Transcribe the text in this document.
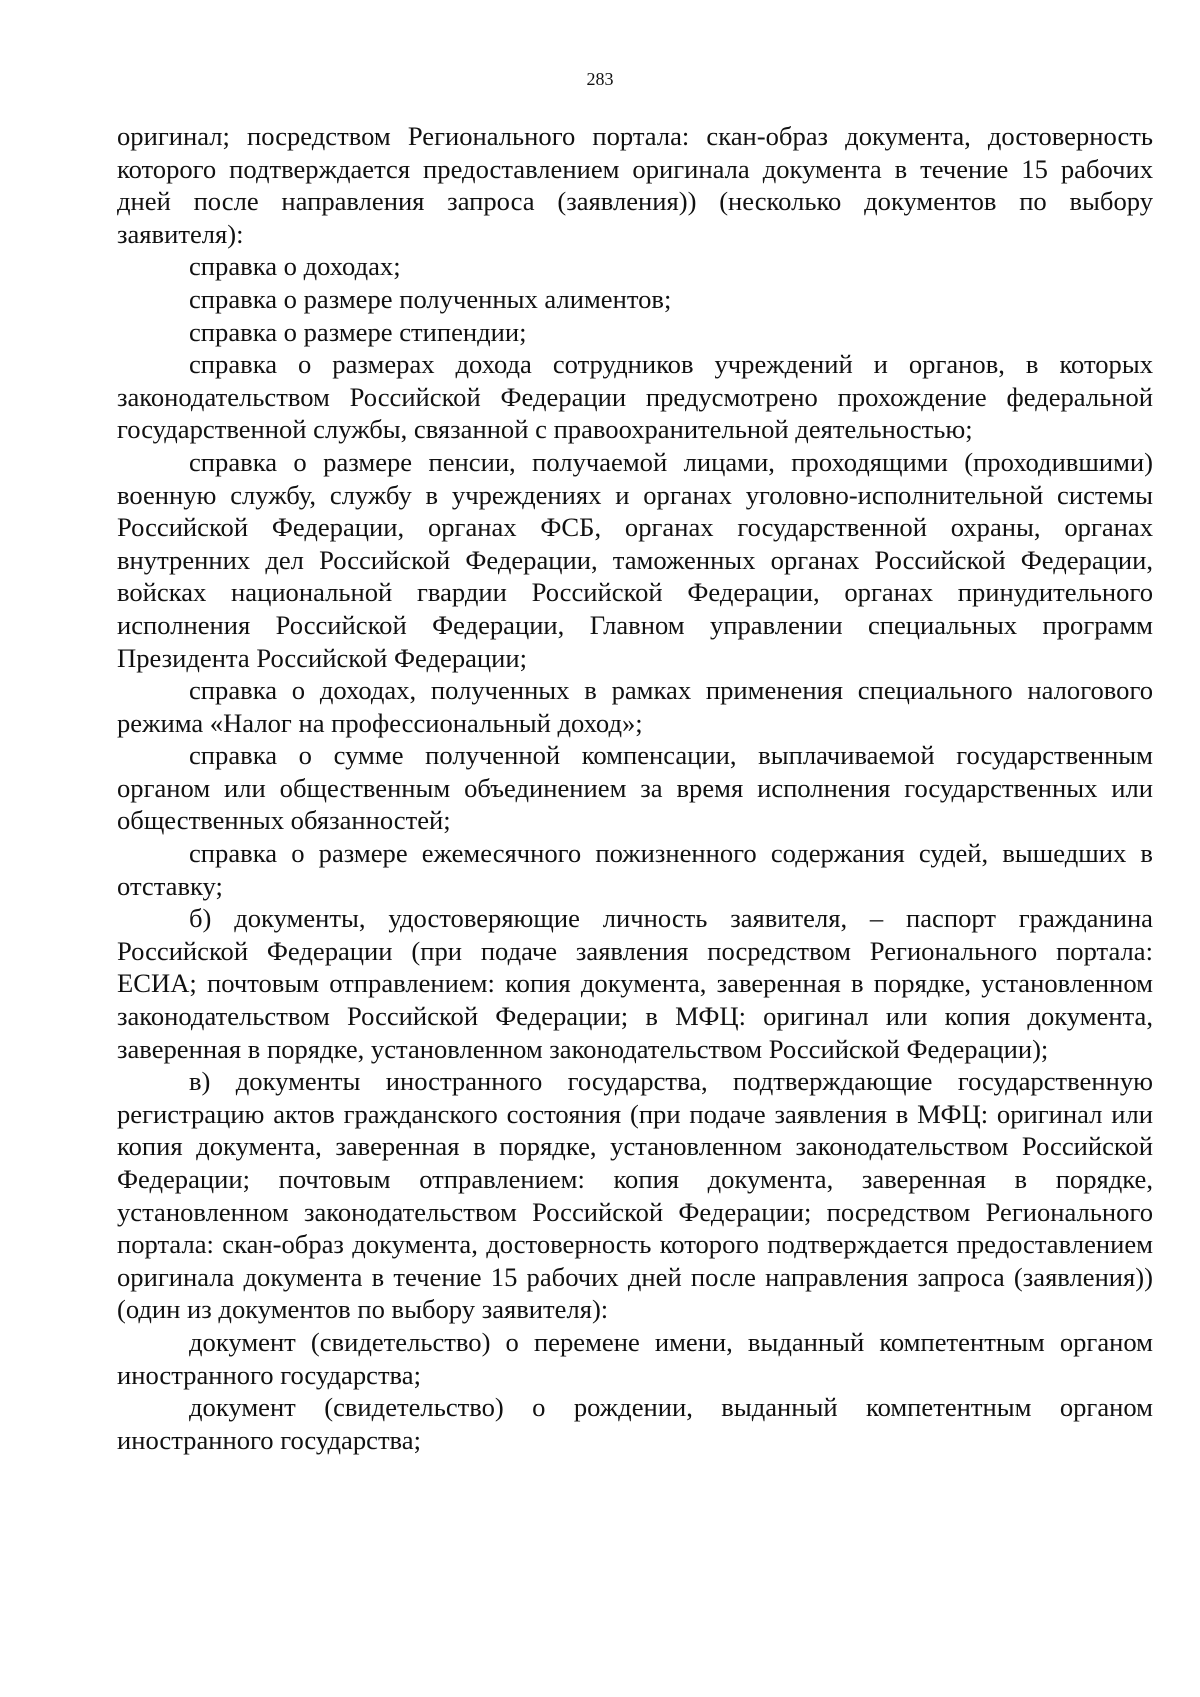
283

оригинал; посредством Регионального портала: скан-образ документа, достоверность которого подтверждается предоставлением оригинала документа в течение 15 рабочих дней после направления запроса (заявления)) (несколько документов по выбору заявителя):

справка о доходах;

справка о размере полученных алиментов;

справка о размере стипендии;

справка о размерах дохода сотрудников учреждений и органов, в которых законодательством Российской Федерации предусмотрено прохождение федеральной государственной службы, связанной с правоохранительной деятельностью;

справка о размере пенсии, получаемой лицами, проходящими (проходившими) военную службу, службу в учреждениях и органах уголовно-исполнительной системы Российской Федерации, органах ФСБ, органах государственной охраны, органах внутренних дел Российской Федерации, таможенных органах Российской Федерации, войсках национальной гвардии Российской Федерации, органах принудительного исполнения Российской Федерации, Главном управлении специальных программ Президента Российской Федерации;

справка о доходах, полученных в рамках применения специального налогового режима «Налог на профессиональный доход»;

справка о сумме полученной компенсации, выплачиваемой государственным органом или общественным объединением за время исполнения государственных или общественных обязанностей;

справка о размере ежемесячного пожизненного содержания судей, вышедших в отставку;

б) документы, удостоверяющие личность заявителя, – паспорт гражданина Российской Федерации (при подаче заявления посредством Регионального портала: ЕСИА; почтовым отправлением: копия документа, заверенная в порядке, установленном законодательством Российской Федерации; в МФЦ: оригинал или копия документа, заверенная в порядке, установленном законодательством Российской Федерации);

в) документы иностранного государства, подтверждающие государственную регистрацию актов гражданского состояния (при подаче заявления в МФЦ: оригинал или копия документа, заверенная в порядке, установленном законодательством Российской Федерации; почтовым отправлением: копия документа, заверенная в порядке, установленном законодательством Российской Федерации; посредством Регионального портала: скан-образ документа, достоверность которого подтверждается предоставлением оригинала документа в течение 15 рабочих дней после направления запроса (заявления)) (один из документов по выбору заявителя):

документ (свидетельство) о перемене имени, выданный компетентным органом иностранного государства;

документ (свидетельство) о рождении, выданный компетентным органом иностранного государства;
